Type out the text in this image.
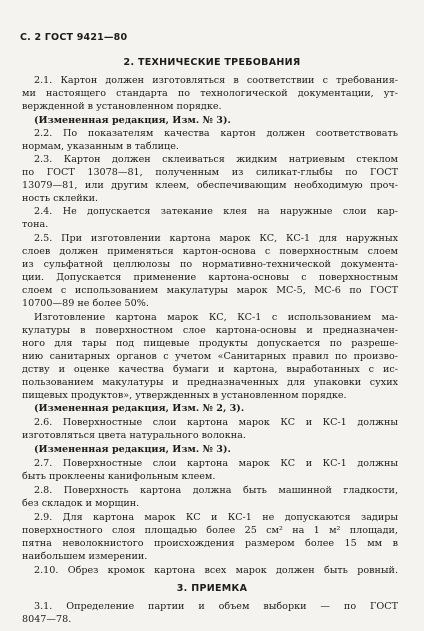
С. 2 ГОСТ 9421—80
2. ТЕХНИЧЕСКИЕ ТРЕБОВАНИЯ
2.1. Картон должен изготовляться в соответствии с требования-
ми настоящего стандарта по технологической документации, ут-
вержденной в установленном порядке.
(Измененная редакция, Изм. № 3).
2.2. По показателям качества картон должен соответствовать
нормам, указанным в таблице.
2.3. Картон должен склеиваться жидким натриевым стеклом
по ГОСТ 13078—81, полученным из силикат-глыбы по ГОСТ
13079—81, или другим клеем, обеспечивающим необходимую проч-
ность склейки.
2.4. Не допускается затекание клея на наружные слои кар-
тона.
2.5. При изготовлении картона марок КС, КС-1 для наружных
слоев должен применяться картон-основа с поверхностным слоем
из сульфатной целлюлозы по нормативно-технической документа-
ции. Допускается применение картона-основы с поверхностным
слоем с использованием макулатуры марок МС-5, МС-6 по ГОСТ
10700—89 не более 50%.
Изготовление картона марок КС, КС-1 с использованием ма-
кулатуры в поверхностном слое картона-основы и предназначен-
ного для тары под пищевые продукты допускается по разреше-
нию санитарных органов с учетом «Санитарных правил по произво-
дству и оценке качества бумаги и картона, выработанных с ис-
пользованием макулатуры и предназначенных для упаковки сухих
пищевых продуктов», утвержденных в установленном порядке.
(Измененная редакция, Изм. № 2, 3).
2.6. Поверхностные слои картона марок КС и КС-1 должны
изготовляться цвета натурального волокна.
(Измененная редакция, Изм. № 3).
2.7. Поверхностные слои картона марок КС и КС-1 должны
быть проклеены канифольным клеем.
2.8. Поверхность картона должна быть машинной гладкости,
без складок и морщин.
2.9. Для картона марок КС и КС-1 не допускаются задиры
поверхностного слоя площадью более 25 см² на 1 м² площади,
пятна неволокнистого происхождения размером более 15 мм в
наибольшем измерении.
2.10. Обрез кромок картона всех марок должен быть ровный.
3. ПРИЕМКА
3.1. Определение партии и объем выборки — по ГОСТ
8047—78.
